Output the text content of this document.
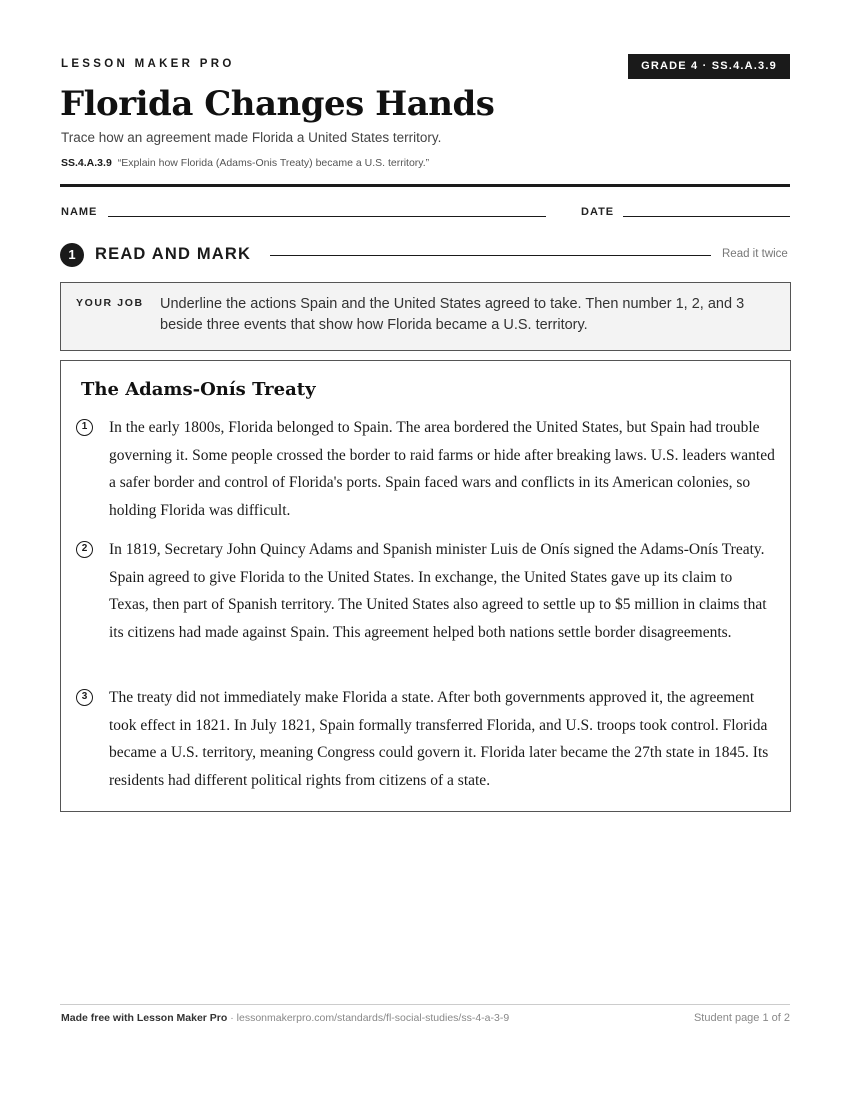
LESSON MAKER PRO	GRADE 4 · SS.4.A.3.9
Florida Changes Hands
Trace how an agreement made Florida a United States territory.
SS.4.A.3.9 “Explain how Florida (Adams-Onis Treaty) became a U.S. territory.”
NAME	DATE
1	READ AND MARK	Read it twice
YOUR JOB Underline the actions Spain and the United States agreed to take. Then number 1, 2, and 3 beside three events that show how Florida became a U.S. territory.
The Adams-Onís Treaty
1	In the early 1800s, Florida belonged to Spain. The area bordered the United States, but Spain had trouble governing it. Some people crossed the border to raid farms or hide after breaking laws. U.S. leaders wanted a safer border and control of Florida's ports. Spain faced wars and conflicts in its American colonies, so holding Florida was difficult.

2	In 1819, Secretary John Quincy Adams and Spanish minister Luis de Onís signed the Adams-Onís Treaty. Spain agreed to give Florida to the United States. In exchange, the United States gave up its claim to Texas, then part of Spanish territory. The United States also agreed to settle up to $5 million in claims that its citizens had made against Spain. This agreement helped both nations settle border disagreements.

3	The treaty did not immediately make Florida a state. After both governments approved it, the agreement took effect in 1821. In July 1821, Spain formally transferred Florida, and U.S. troops took control. Florida became a U.S. territory, meaning Congress could govern it. Florida later became the 27th state in 1845. Its residents had different political rights from citizens of a state.

Made free with Lesson Maker Pro · lessonmakerpro.com/standards/fl-social-studies/ss-4-a-3-9	Student page 1 of 2
